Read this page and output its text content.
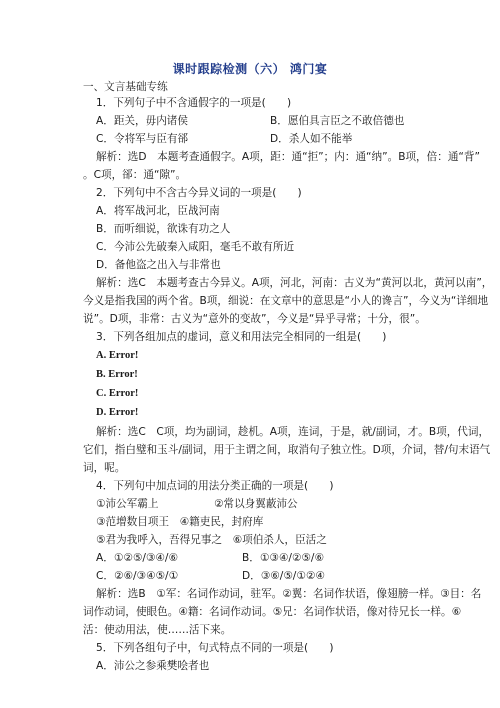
课时跟踪检测（六） 鸿门宴
一、文言基础专练
1．下列句子中不含通假字的一项是(　　)
A．距关，毋内诸侯	B．愿伯具言臣之不敢倍德也
C．令将军与臣有郤	D．杀人如不能举
解析：选D　本题考查通假字。A项，距：通“拒”；内：通“纳”。B项，倍：通“背”
。C项，郤：通“隙”。
2．下列句中不含古今异义词的一项是(　　)
A．将军战河北，臣战河南
B．而听细说，欲诛有功之人
C．今沛公先破秦入咸阳，毫毛不敢有所近
D．备他盗之出入与非常也
解析：选C　本题考查古今异义。A项，河北，河南：古义为“黄河以北，黄河以南”，
今义是指我国的两个省。B项，细说：在文章中的意思是“小人的谗言”，今义为“详细地
说”。D项，非常：古义为“意外的变故”，今义是“异乎寻常；十分，很”。
3．下列各组加点的虚词，意义和用法完全相同的一组是(　　)
A. Error!
B. Error!
C. Error!
D. Error!
解析：选C　C项，均为副词，趁机。A项，连词，于是，就/副词，才。B项，代词，
它们，指白璧和玉斗/副词，用于主谓之间，取消句子独立性。D项，介词，替/句末语气
词，呢。
4．下列句中加点词的用法分类正确的一项是(　　)
①沛公军霸上	②常以身翼蔽沛公
③范增数目项王　④籍吏民，封府库
⑤君为我呼入，吾得兄事之　⑥项伯杀人，臣活之
A．①②⑤/③④/⑥	B．①③④/②⑤/⑥
C．②⑥/③④⑤/①	D．③⑥/⑤/①②④
解析：选B　①军：名词作动词，驻军。②翼：名词作状语，像翅膀一样。③目：名
词作动词，使眼色。④籍：名词作动词。⑤兄：名词作状语，像对待兄长一样。⑥
活：使动用法，使……活下来。
5．下列各组句子中，句式特点不同的一项是(　　)
A．沛公之参乘樊哙者也
